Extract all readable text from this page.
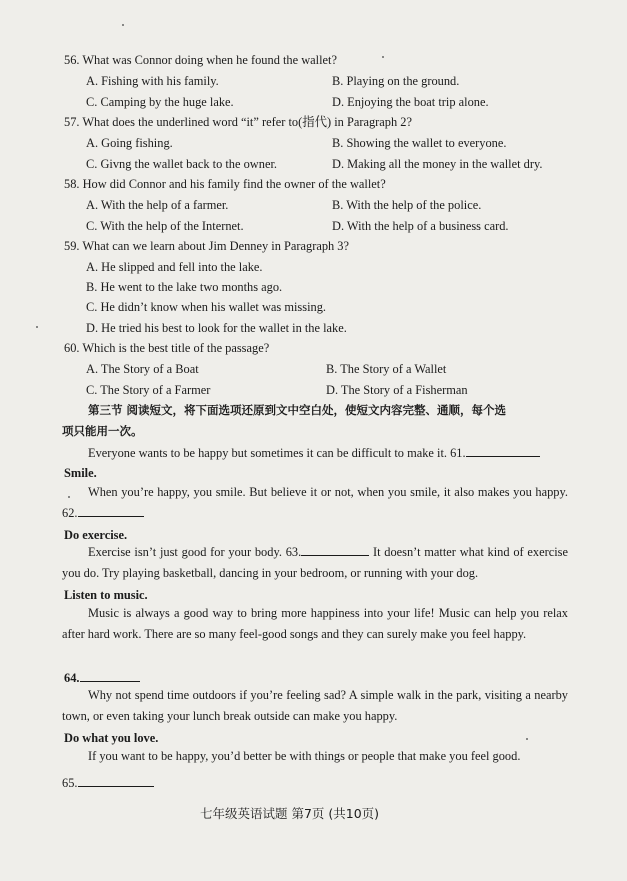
56. What was Connor doing when he found the wallet?
A. Fishing with his family.	B. Playing on the ground.
C. Camping by the huge lake.	D. Enjoying the boat trip alone.
57. What does the underlined word “it” refer to(指代) in Paragraph 2?
A. Going fishing.	B. Showing the wallet to everyone.
C. Givng the wallet back to the owner.	D. Making all the money in the wallet dry.
58. How did Connor and his family find the owner of the wallet?
A. With the help of a farmer.	B. With the help of the police.
C. With the help of the Internet.	D. With the help of a business card.
59. What can we learn about Jim Denney in Paragraph 3?
A. He slipped and fell into the lake.
B. He went to the lake two months ago.
C. He didn’t know when his wallet was missing.
D. He tried his best to look for the wallet in the lake.
60. Which is the best title of the passage?
A. The Story of a Boat	B. The Story of a Wallet
C. The Story of a Farmer	D. The Story of a Fisherman
第三节 阅读短文，将下面选项还原到文中空白处，使短文内容完整、通顺，每个选
项只能用一次。
Everyone wants to be happy but sometimes it can be difficult to make it. 61.
Smile.
When you’re happy, you smile. But believe it or not, when you smile, it also makes you happy. 62.
Do exercise.
Exercise isn’t just good for your body. 63.	It doesn’t matter what kind of exercise you do. Try playing basketball, dancing in your bedroom, or running with your dog.
Listen to music.
Music is always a good way to bring more happiness into your life! Music can help you relax after hard work. There are so many feel-good songs and they can surely make you feel happy.
64.
Why not spend time outdoors if you’re feeling sad? A simple walk in the park, visiting a nearby town, or even taking your lunch break outside can make you happy.
Do what you love.
If you want to be happy, you’d better be with things or people that make you feel good.
65.
七年级英语试题 第7页 (共10页)
